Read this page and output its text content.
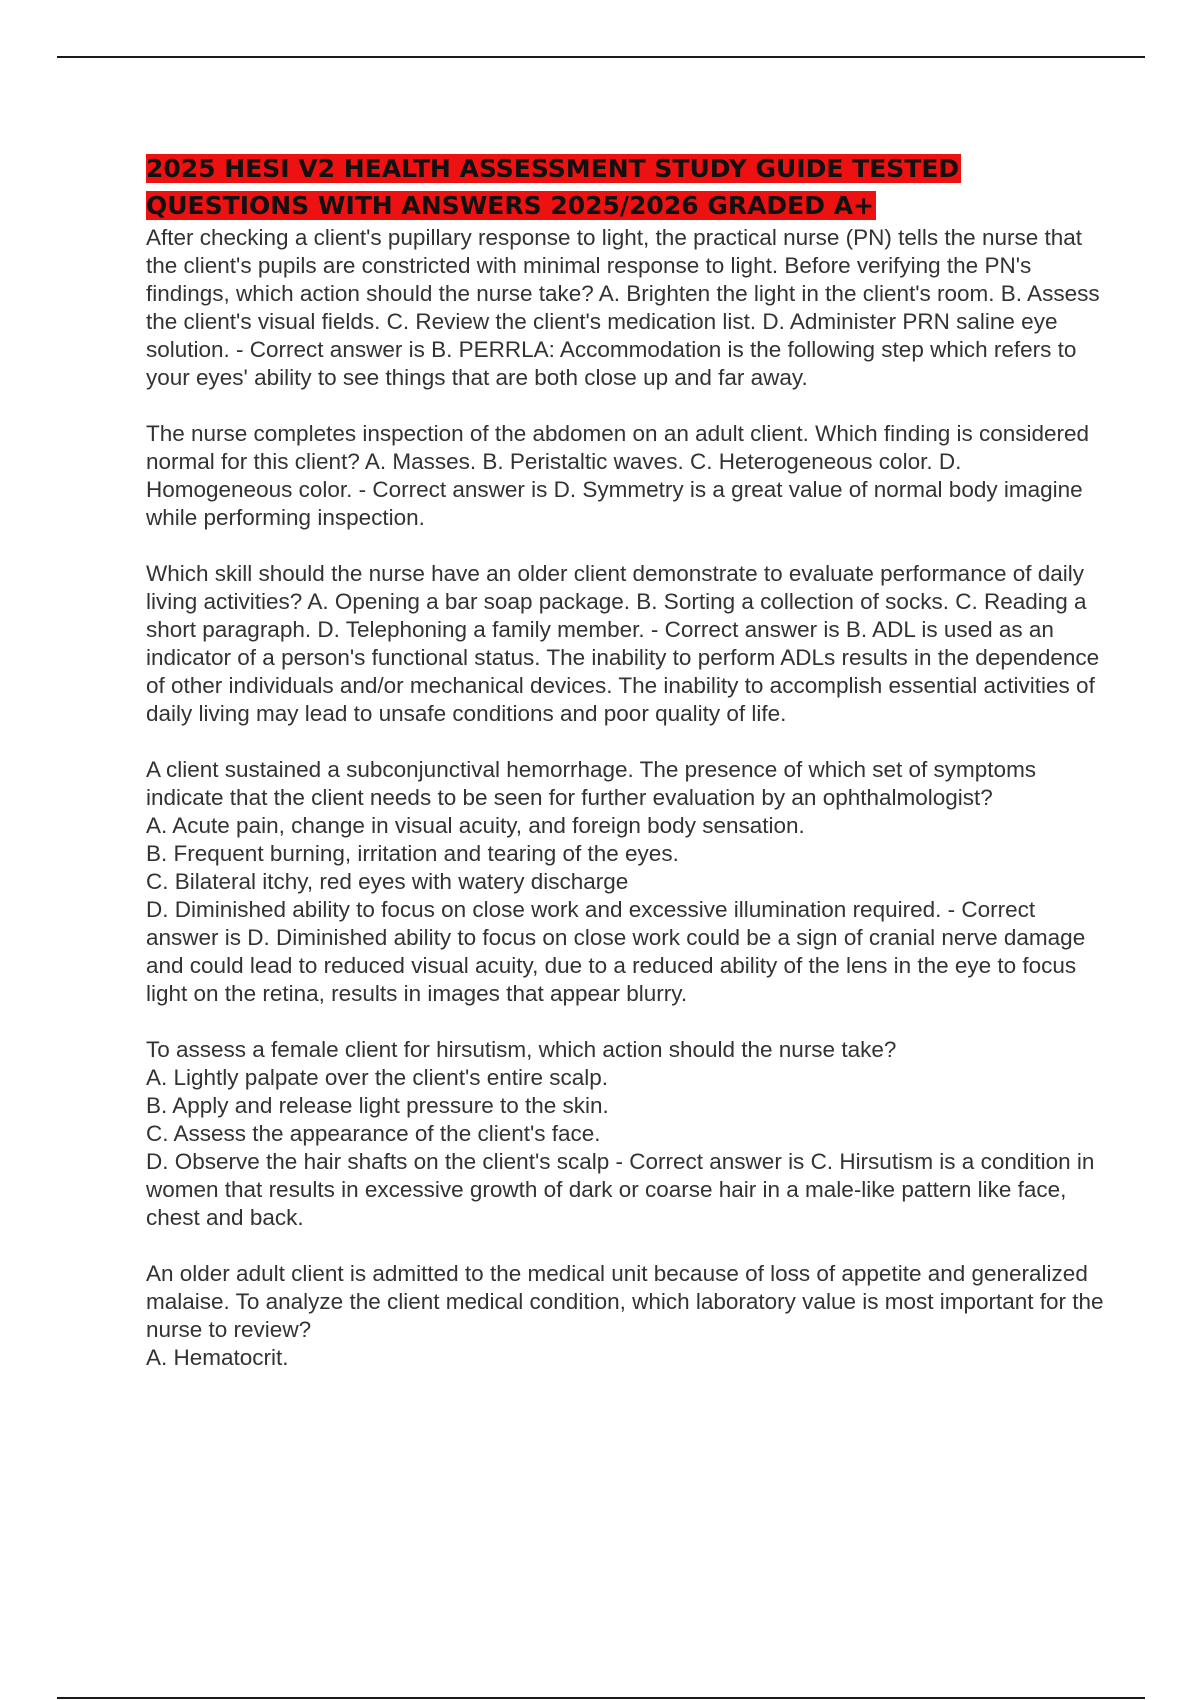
2025 HESI V2 HEALTH ASSESSMENT STUDY GUIDE TESTED QUESTIONS WITH ANSWERS 2025/2026 GRADED A+

After checking a client's pupillary response to light, the practical nurse (PN) tells the nurse that the client's pupils are constricted with minimal response to light. Before verifying the PN's findings, which action should the nurse take? A. Brighten the light in the client's room. B. Assess the client's visual fields. C. Review the client's medication list. D. Administer PRN saline eye solution. - Correct answer is B. PERRLA: Accommodation is the following step which refers to your eyes' ability to see things that are both close up and far away.

The nurse completes inspection of the abdomen on an adult client. Which finding is considered normal for this client? A. Masses. B. Peristaltic waves. C. Heterogeneous color. D. Homogeneous color. - Correct answer is D. Symmetry is a great value of normal body imagine while performing inspection.

Which skill should the nurse have an older client demonstrate to evaluate performance of daily living activities? A. Opening a bar soap package. B. Sorting a collection of socks. C. Reading a short paragraph. D. Telephoning a family member. - Correct answer is B. ADL is used as an indicator of a person's functional status. The inability to perform ADLs results in the dependence of other individuals and/or mechanical devices. The inability to accomplish essential activities of daily living may lead to unsafe conditions and poor quality of life.

A client sustained a subconjunctival hemorrhage. The presence of which set of symptoms indicate that the client needs to be seen for further evaluation by an ophthalmologist?

A. Acute pain, change in visual acuity, and foreign body sensation.

B. Frequent burning, irritation and tearing of the eyes.

C. Bilateral itchy, red eyes with watery discharge

D. Diminished ability to focus on close work and excessive illumination required. - Correct answer is D. Diminished ability to focus on close work could be a sign of cranial nerve damage and could lead to reduced visual acuity, due to a reduced ability of the lens in the eye to focus light on the retina, results in images that appear blurry.

To assess a female client for hirsutism, which action should the nurse take?

A. Lightly palpate over the client's entire scalp.

B. Apply and release light pressure to the skin.

C. Assess the appearance of the client's face.

D. Observe the hair shafts on the client's scalp - Correct answer is C. Hirsutism is a condition in women that results in excessive growth of dark or coarse hair in a male-like pattern like face, chest and back.

An older adult client is admitted to the medical unit because of loss of appetite and generalized malaise. To analyze the client medical condition, which laboratory value is most important for the nurse to review?

A. Hematocrit.
